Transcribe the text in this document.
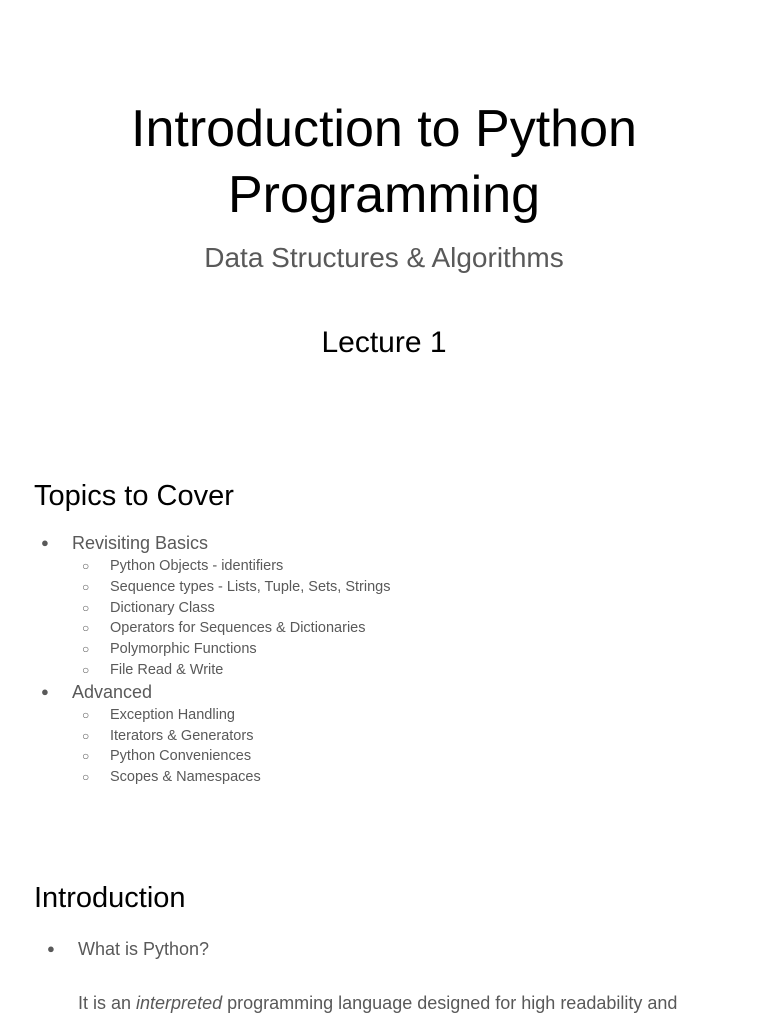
Introduction to Python
Programming
Data Structures & Algorithms
Lecture 1
Topics to Cover
● Revisiting Basics
○ Python Objects - identifiers
○ Sequence types - Lists, Tuple, Sets, Strings
○ Dictionary Class
○ Operators for Sequences & Dictionaries
○ Polymorphic Functions
○ File Read & Write
● Advanced
○ Exception Handling
○ Iterators & Generators
○ Python Conveniences
○ Scopes & Namespaces
Introduction
● What is Python?

It is an interpreted programming language designed for high readability and
